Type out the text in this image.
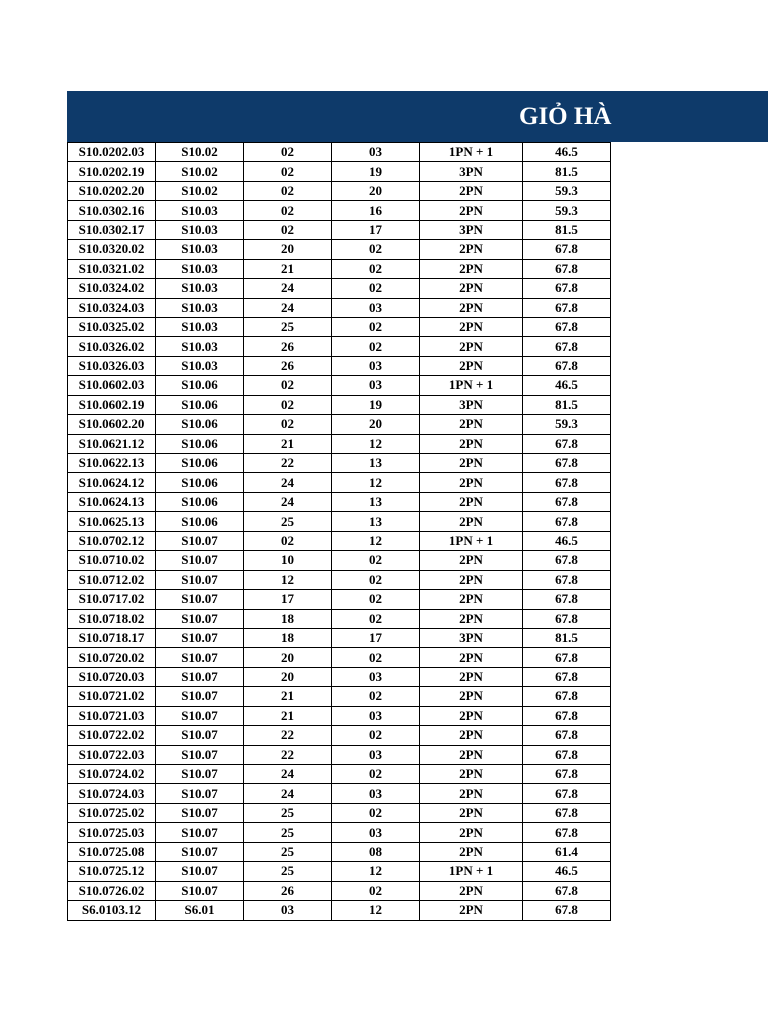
GIỎ HÀ
S10.0202.03	S10.02	02	03	1PN + 1	46.5
S10.0202.19	S10.02	02	19	3PN	81.5
S10.0202.20	S10.02	02	20	2PN	59.3
S10.0302.16	S10.03	02	16	2PN	59.3
S10.0302.17	S10.03	02	17	3PN	81.5
S10.0320.02	S10.03	20	02	2PN	67.8
S10.0321.02	S10.03	21	02	2PN	67.8
S10.0324.02	S10.03	24	02	2PN	67.8
S10.0324.03	S10.03	24	03	2PN	67.8
S10.0325.02	S10.03	25	02	2PN	67.8
S10.0326.02	S10.03	26	02	2PN	67.8
S10.0326.03	S10.03	26	03	2PN	67.8
S10.0602.03	S10.06	02	03	1PN + 1	46.5
S10.0602.19	S10.06	02	19	3PN	81.5
S10.0602.20	S10.06	02	20	2PN	59.3
S10.0621.12	S10.06	21	12	2PN	67.8
S10.0622.13	S10.06	22	13	2PN	67.8
S10.0624.12	S10.06	24	12	2PN	67.8
S10.0624.13	S10.06	24	13	2PN	67.8
S10.0625.13	S10.06	25	13	2PN	67.8
S10.0702.12	S10.07	02	12	1PN + 1	46.5
S10.0710.02	S10.07	10	02	2PN	67.8
S10.0712.02	S10.07	12	02	2PN	67.8
S10.0717.02	S10.07	17	02	2PN	67.8
S10.0718.02	S10.07	18	02	2PN	67.8
S10.0718.17	S10.07	18	17	3PN	81.5
S10.0720.02	S10.07	20	02	2PN	67.8
S10.0720.03	S10.07	20	03	2PN	67.8
S10.0721.02	S10.07	21	02	2PN	67.8
S10.0721.03	S10.07	21	03	2PN	67.8
S10.0722.02	S10.07	22	02	2PN	67.8
S10.0722.03	S10.07	22	03	2PN	67.8
S10.0724.02	S10.07	24	02	2PN	67.8
S10.0724.03	S10.07	24	03	2PN	67.8
S10.0725.02	S10.07	25	02	2PN	67.8
S10.0725.03	S10.07	25	03	2PN	67.8
S10.0725.08	S10.07	25	08	2PN	61.4
S10.0725.12	S10.07	25	12	1PN + 1	46.5
S10.0726.02	S10.07	26	02	2PN	67.8
S6.0103.12	S6.01	03	12	2PN	67.8
